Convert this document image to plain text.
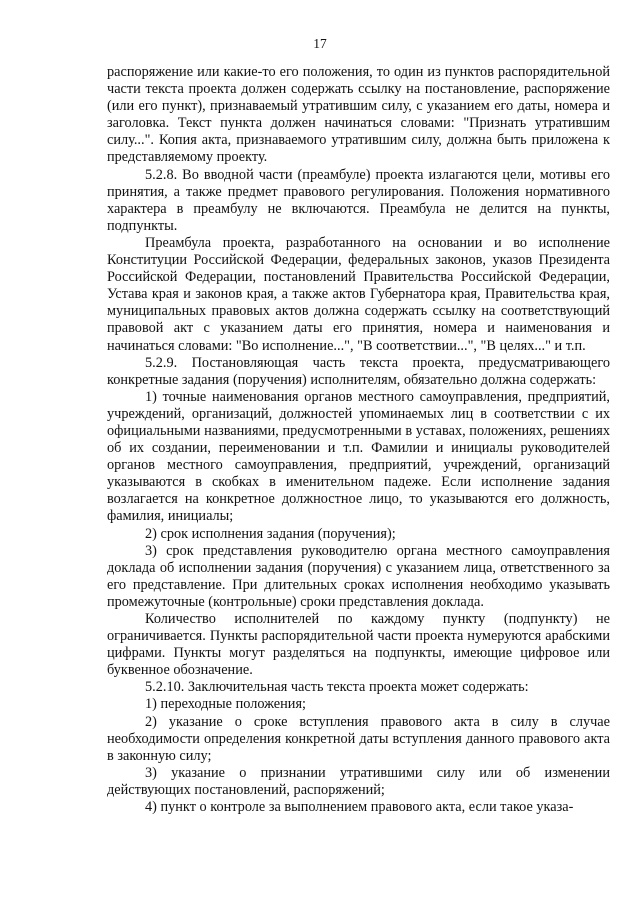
17

распоряжение или какие-то его положения, то один из пунктов распорядительной части текста проекта должен содержать ссылку на постановление, распоряжение (или его пункт), признаваемый утратившим силу, с указанием его даты, номера и заголовка. Текст пункта должен начинаться словами: "Признать утратившим силу...". Копия акта, признаваемого утратившим силу, должна быть приложена к представляемому проекту.

5.2.8. Во вводной части (преамбуле) проекта излагаются цели, мотивы его принятия, а также предмет правового регулирования. Положения нормативного характера в преамбулу не включаются. Преамбула не делится на пункты, подпункты.

Преамбула проекта, разработанного на основании и во исполнение Конституции Российской Федерации, федеральных законов, указов Президента Российской Федерации, постановлений Правительства Российской Федерации, Устава края и законов края, а также актов Губернатора края, Правительства края, муниципальных правовых актов должна содержать ссылку на соответствующий правовой акт с указанием даты его принятия, номера и наименования и начинаться словами: "Во исполнение...", "В соответствии...", "В целях..." и т.п.

5.2.9. Постановляющая часть текста проекта, предусматривающего конкретные задания (поручения) исполнителям, обязательно должна содержать:

1) точные наименования органов местного самоуправления, предприятий, учреждений, организаций, должностей упоминаемых лиц в соответствии с их официальными названиями, предусмотренными в уставах, положениях, решениях об их создании, переименовании и т.п. Фамилии и инициалы руководителей органов местного самоуправления, предприятий, учреждений, организаций указываются в скобках в именительном падеже. Если исполнение задания возлагается на конкретное должностное лицо, то указываются его должность, фамилия, инициалы;

2) срок исполнения задания (поручения);

3) срок представления руководителю органа местного самоуправления доклада об исполнении задания (поручения) с указанием лица, ответственного за его представление. При длительных сроках исполнения необходимо указывать промежуточные (контрольные) сроки представления доклада.

Количество исполнителей по каждому пункту (подпункту) не ограничивается. Пункты распорядительной части проекта нумеруются арабскими цифрами. Пункты могут разделяться на подпункты, имеющие цифровое или буквенное обозначение.

5.2.10. Заключительная часть текста проекта может содержать:

1) переходные положения;

2) указание о сроке вступления правового акта в силу в случае необходимости определения конкретной даты вступления данного правового акта в законную силу;

3) указание о признании утратившими силу или об изменении действующих постановлений, распоряжений;

4) пункт о контроле за выполнением правового акта, если такое указа-
